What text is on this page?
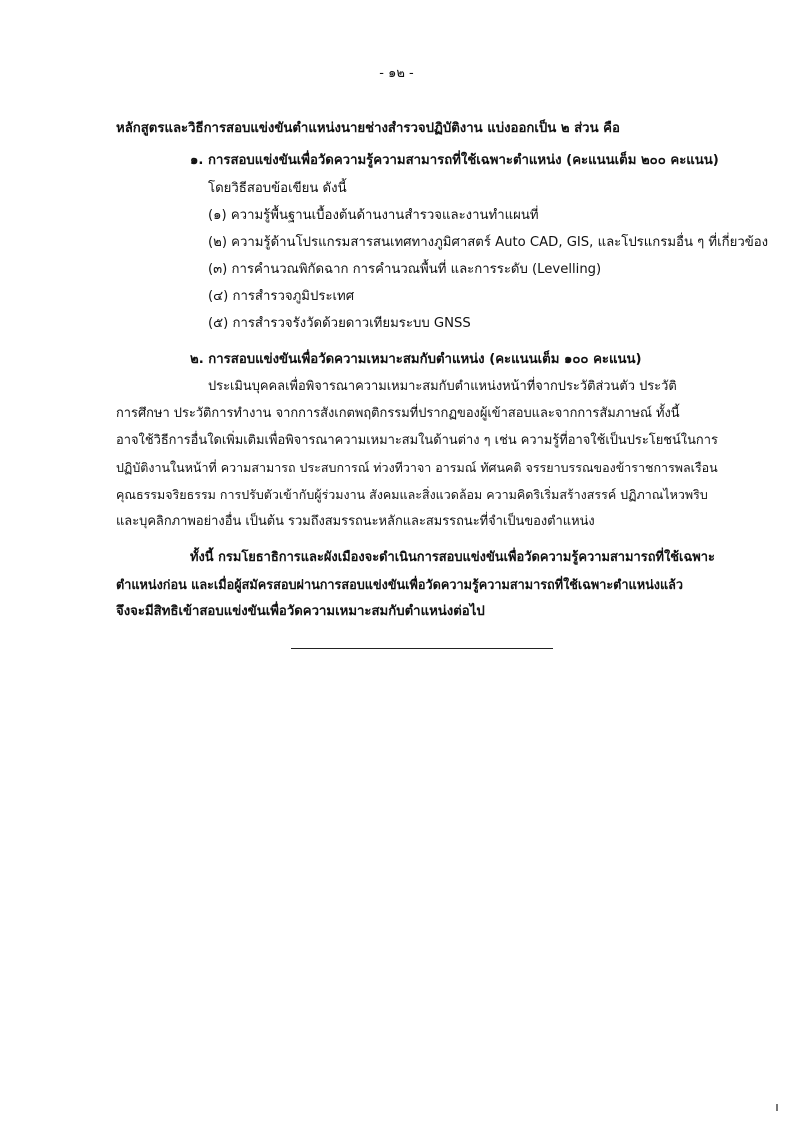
- ๑๒ -
หลักสูตรและวิธีการสอบแข่งขันตำแหน่งนายช่างสำรวจปฏิบัติงาน แบ่งออกเป็น ๒ ส่วน คือ
๑. การสอบแข่งขันเพื่อวัดความรู้ความสามารถที่ใช้เฉพาะตำแหน่ง (คะแนนเต็ม ๒๐๐ คะแนน)
โดยวิธีสอบข้อเขียน ดังนี้
(๑) ความรู้พื้นฐานเบื้องต้นด้านงานสำรวจและงานทำแผนที่
(๒) ความรู้ด้านโปรแกรมสารสนเทศทางภูมิศาสตร์ Auto CAD, GIS, และโปรแกรมอื่น ๆ ที่เกี่ยวข้อง
(๓) การคำนวณพิกัดฉาก การคำนวณพื้นที่ และการระดับ (Levelling)
(๔) การสำรวจภูมิประเทศ
(๕) การสำรวจรังวัดด้วยดาวเทียมระบบ GNSS
๒. การสอบแข่งขันเพื่อวัดความเหมาะสมกับตำแหน่ง (คะแนนเต็ม ๑๐๐ คะแนน)
ประเมินบุคคลเพื่อพิจารณาความเหมาะสมกับตำแหน่งหน้าที่จากประวัติส่วนตัว ประวัติ
การศึกษา ประวัติการทำงาน จากการสังเกตพฤติกรรมที่ปรากฏของผู้เข้าสอบและจากการสัมภาษณ์ ทั้งนี้
อาจใช้วิธีการอื่นใดเพิ่มเติมเพื่อพิจารณาความเหมาะสมในด้านต่าง ๆ เช่น ความรู้ที่อาจใช้เป็นประโยชน์ในการ
ปฏิบัติงานในหน้าที่ ความสามารถ ประสบการณ์ ท่วงทีวาจา อารมณ์ ทัศนคติ จรรยาบรรณของข้าราชการพลเรือน
คุณธรรมจริยธรรม การปรับตัวเข้ากับผู้ร่วมงาน สังคมและสิ่งแวดล้อม ความคิดริเริ่มสร้างสรรค์ ปฏิภาณไหวพริบ
และบุคลิกภาพอย่างอื่น เป็นต้น รวมถึงสมรรถนะหลักและสมรรถนะที่จำเป็นของตำแหน่ง
ทั้งนี้ กรมโยธาธิการและผังเมืองจะดำเนินการสอบแข่งขันเพื่อวัดความรู้ความสามารถที่ใช้เฉพาะ
ตำแหน่งก่อน และเมื่อผู้สมัครสอบผ่านการสอบแข่งขันเพื่อวัดความรู้ความสามารถที่ใช้เฉพาะตำแหน่งแล้ว
จึงจะมีสิทธิเข้าสอบแข่งขันเพื่อวัดความเหมาะสมกับตำแหน่งต่อไป
